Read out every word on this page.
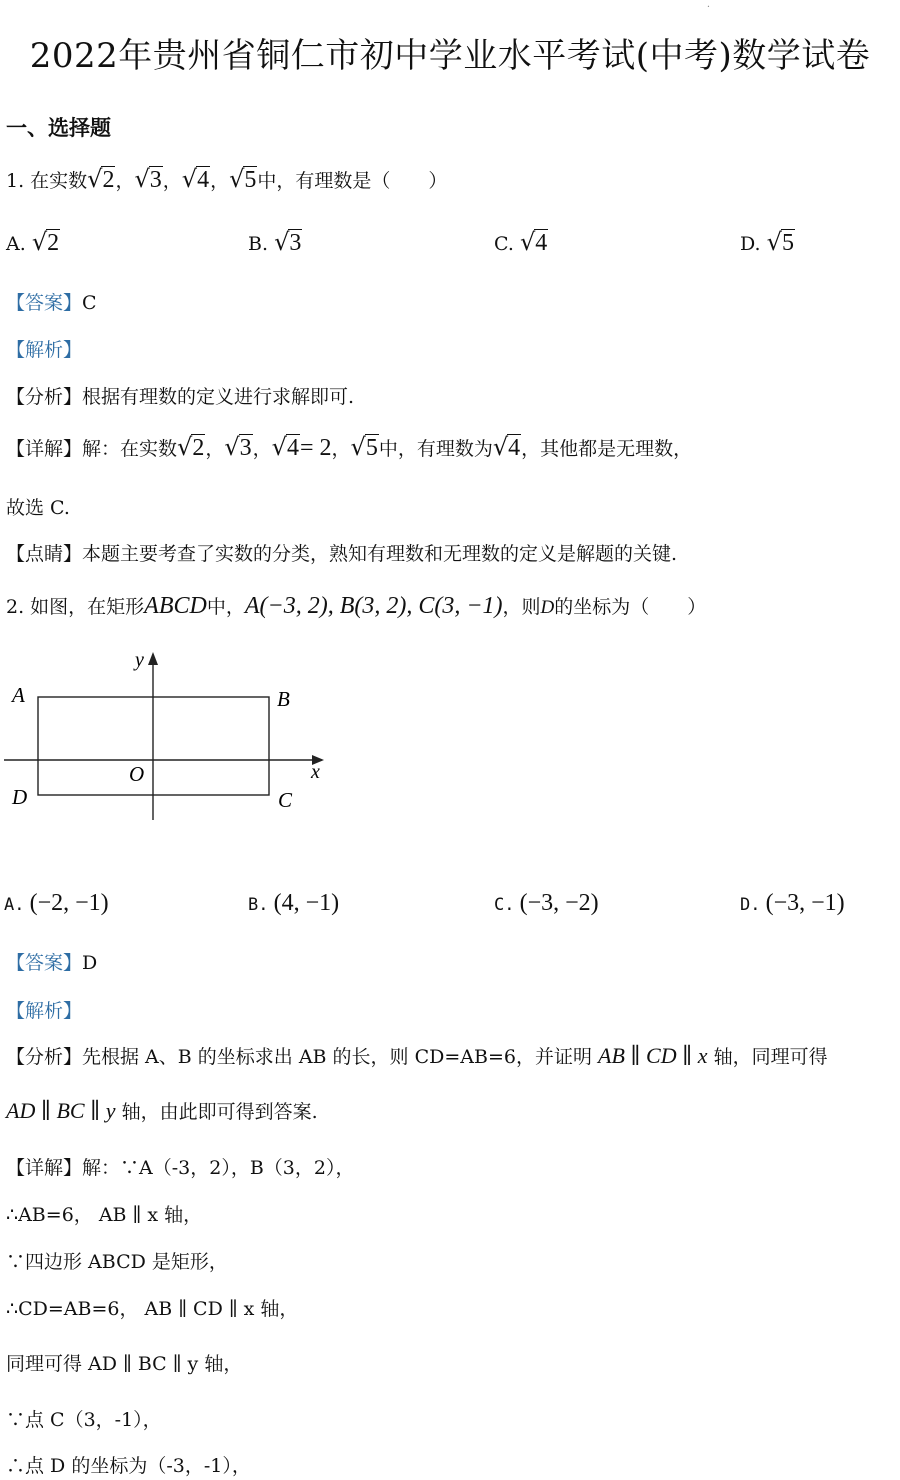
·
2022年贵州省铜仁市初中学业水平考试(中考)数学试卷
一、选择题
1. 在实数√2，√3，√4，√5中，有理数是（　　）
A. √2	B. √3	C. √4	D. √5
【答案】C
【解析】
【分析】根据有理数的定义进行求解即可.
【详解】解：在实数√2，√3，√4= 2，√5中，有理数为√4，其他都是无理数，
故选 C.
【点睛】本题主要考查了实数的分类，熟知有理数和无理数的定义是解题的关键.
2. 如图，在矩形ABCD中，A(−3, 2), B(3, 2), C(3, −1)，则D的坐标为（　　）
y
x
O
A	B
C
D
A. (−2, −1)	B. (4, −1)	C. (−3, −2)	D. (−3, −1)
【答案】D
【解析】
【分析】先根据 A、B 的坐标求出 AB 的长，则 CD=AB=6，并证明 AB ∥ CD ∥ x 轴，同理可得
AD ∥ BC ∥ y 轴，由此即可得到答案.
【详解】解：∵A（-3，2），B（3，2），
∴AB=6， AB ∥ x 轴，
∵四边形 ABCD 是矩形，
∴CD=AB=6， AB ∥ CD ∥ x 轴，
同理可得 AD ∥ BC ∥ y 轴，
∵点 C（3，-1），
∴点 D 的坐标为（-3，-1），
